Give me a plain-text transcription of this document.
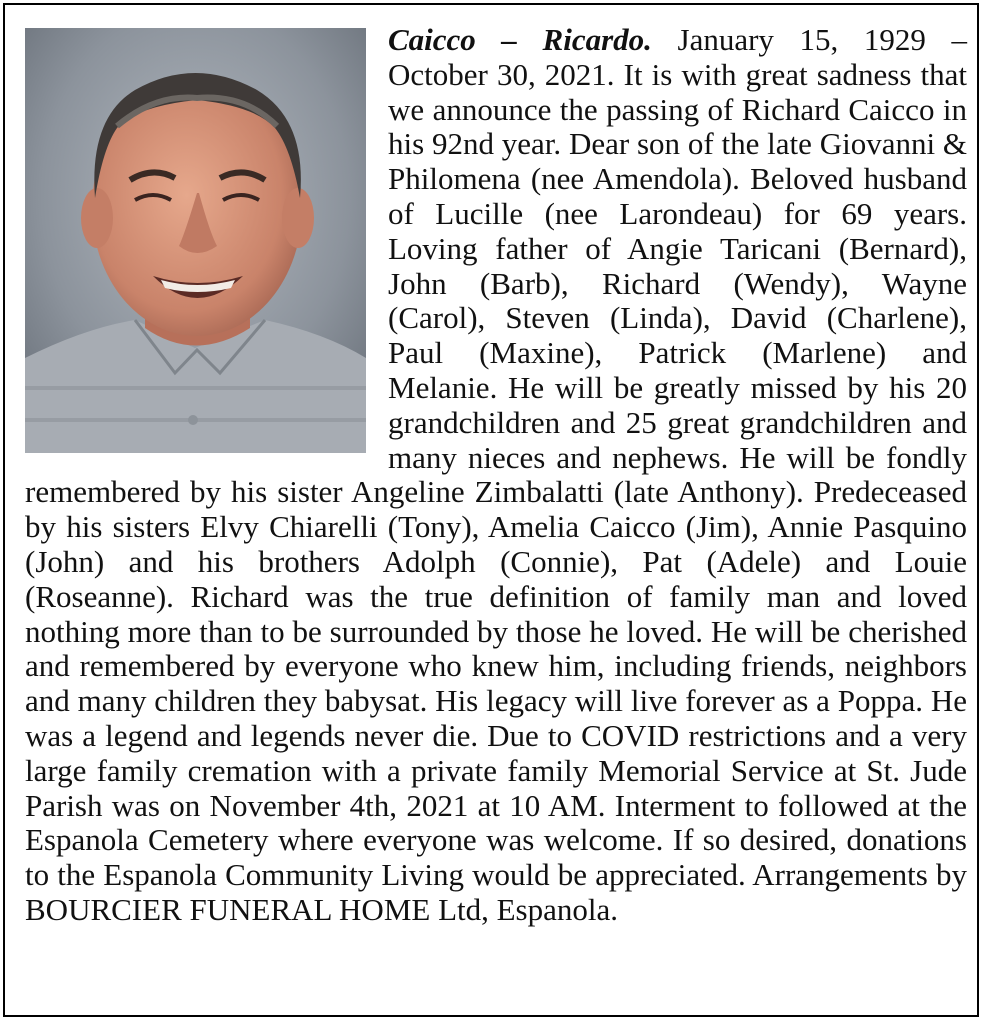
Caicco – Ricardo. January 15, 1929 – October 30, 2021. It is with great sadness that we announce the passing of Richard Caicco in his 92nd year. Dear son of the late Giovanni & Philomena (nee Amendola). Beloved husband of Lucille (nee Larondeau) for 69 years. Loving father of Angie Taricani (Bernard), John (Barb), Richard (Wendy), Wayne (Carol), Steven (Linda), David (Charlene), Paul (Maxine), Patrick (Marlene) and Melanie. He will be greatly missed by his 20 grandchildren and 25 great grandchildren and many nieces and nephews. He will be fondly remembered by his sister Angeline Zimbalatti (late Anthony). Predeceased by his sisters Elvy Chiarelli (Tony), Amelia Caicco (Jim), Annie Pasquino (John) and his brothers Adolph (Connie), Pat (Adele) and Louie (Roseanne). Richard was the true definition of family man and loved nothing more than to be surrounded by those he loved. He will be cherished and remembered by everyone who knew him, including friends, neighbors and many children they babysat. His legacy will live forever as a Poppa. He was a legend and legends never die. Due to COVID restrictions and a very large family cremation with a private family Memorial Service at St. Jude Parish was on November 4th, 2021 at 10 AM. Interment to followed at the Espanola Cemetery where everyone was welcome. If so desired, donations to the Espanola Community Living would be appreciated. Arrangements by BOURCIER FUNERAL HOME Ltd, Espanola.
